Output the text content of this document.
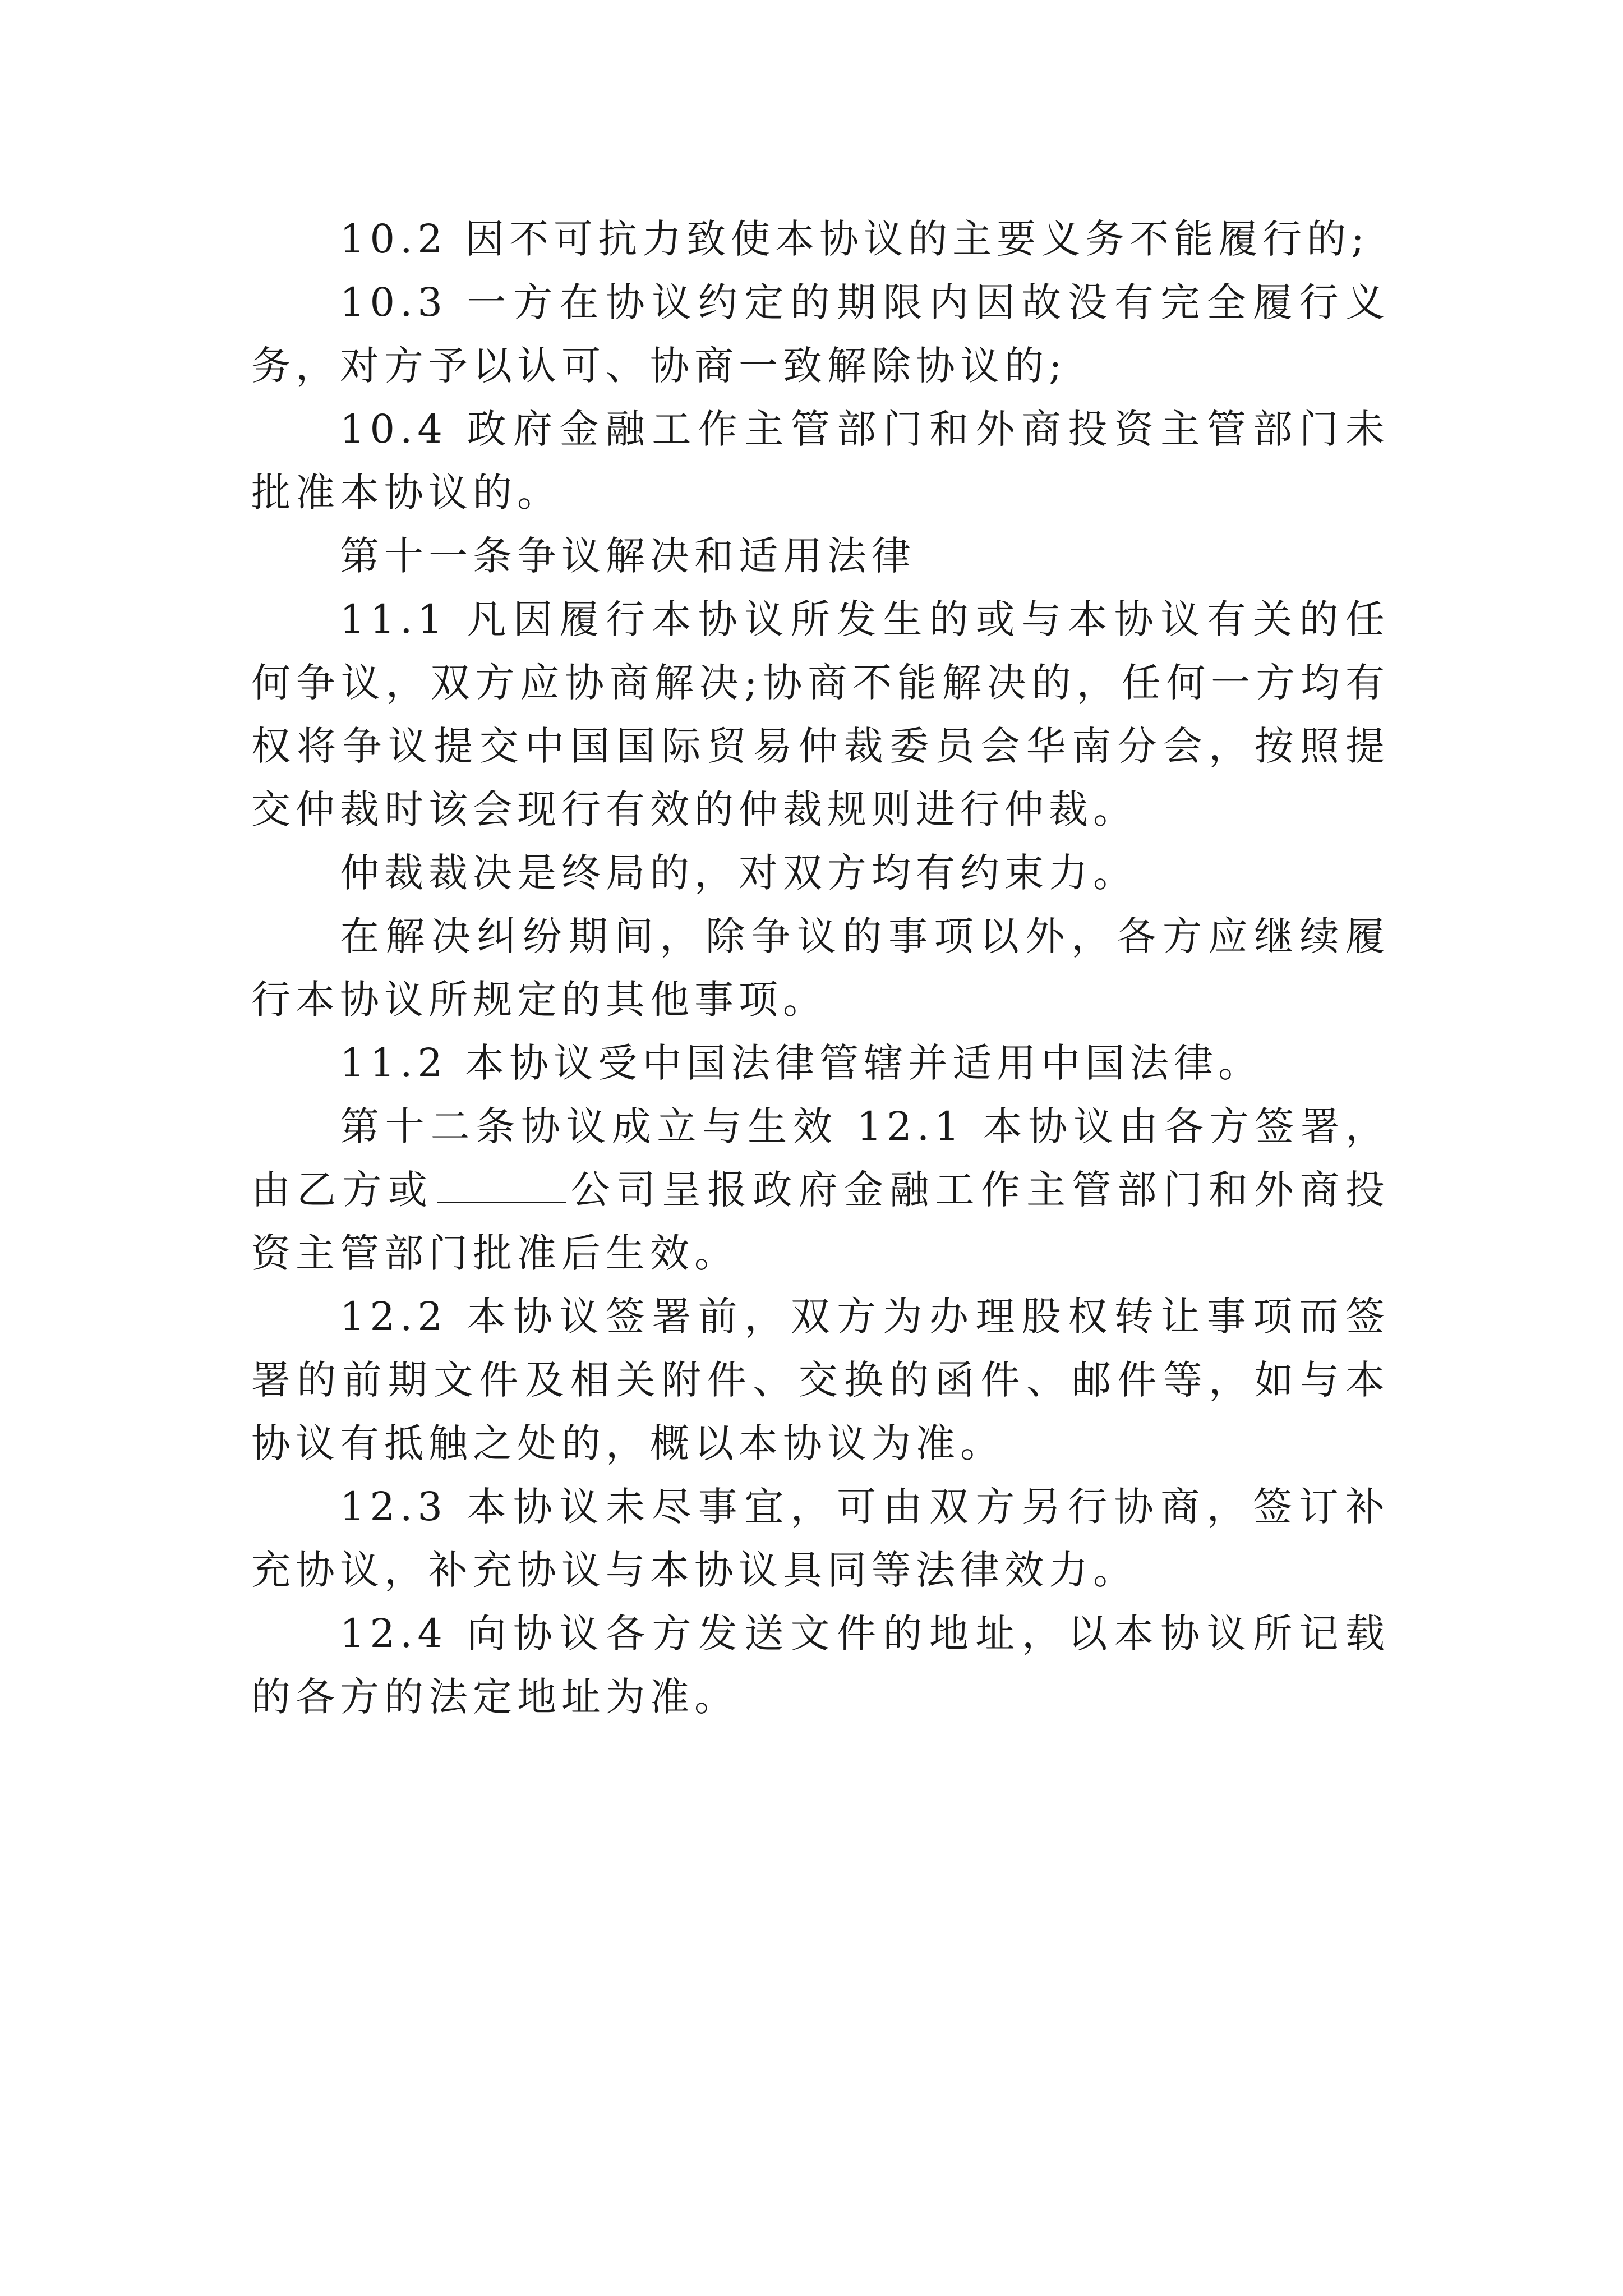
10.2 因不可抗力致使本协议的主要义务不能履行的;

10.3 一方在协议约定的期限内因故没有完全履行义务，对方予以认可、协商一致解除协议的;

10.4 政府金融工作主管部门和外商投资主管部门未批准本协议的。

第十一条争议解决和适用法律

11.1 凡因履行本协议所发生的或与本协议有关的任何争议，双方应协商解决;协商不能解决的，任何一方均有权将争议提交中国国际贸易仲裁委员会华南分会，按照提交仲裁时该会现行有效的仲裁规则进行仲裁。

仲裁裁决是终局的，对双方均有约束力。

在解决纠纷期间，除争议的事项以外，各方应继续履行本协议所规定的其他事项。

11.2 本协议受中国法律管辖并适用中国法律。

第十二条协议成立与生效 12.1 本协议由各方签署，由乙方或	公司呈报政府金融工作主管部门和外商投资主管部门批准后生效。

12.2 本协议签署前，双方为办理股权转让事项而签署的前期文件及相关附件、交换的函件、邮件等，如与本协议有抵触之处的，概以本协议为准。

12.3 本协议未尽事宜，可由双方另行协商，签订补充协议，补充协议与本协议具同等法律效力。

12.4 向协议各方发送文件的地址，以本协议所记载的各方的法定地址为准。
